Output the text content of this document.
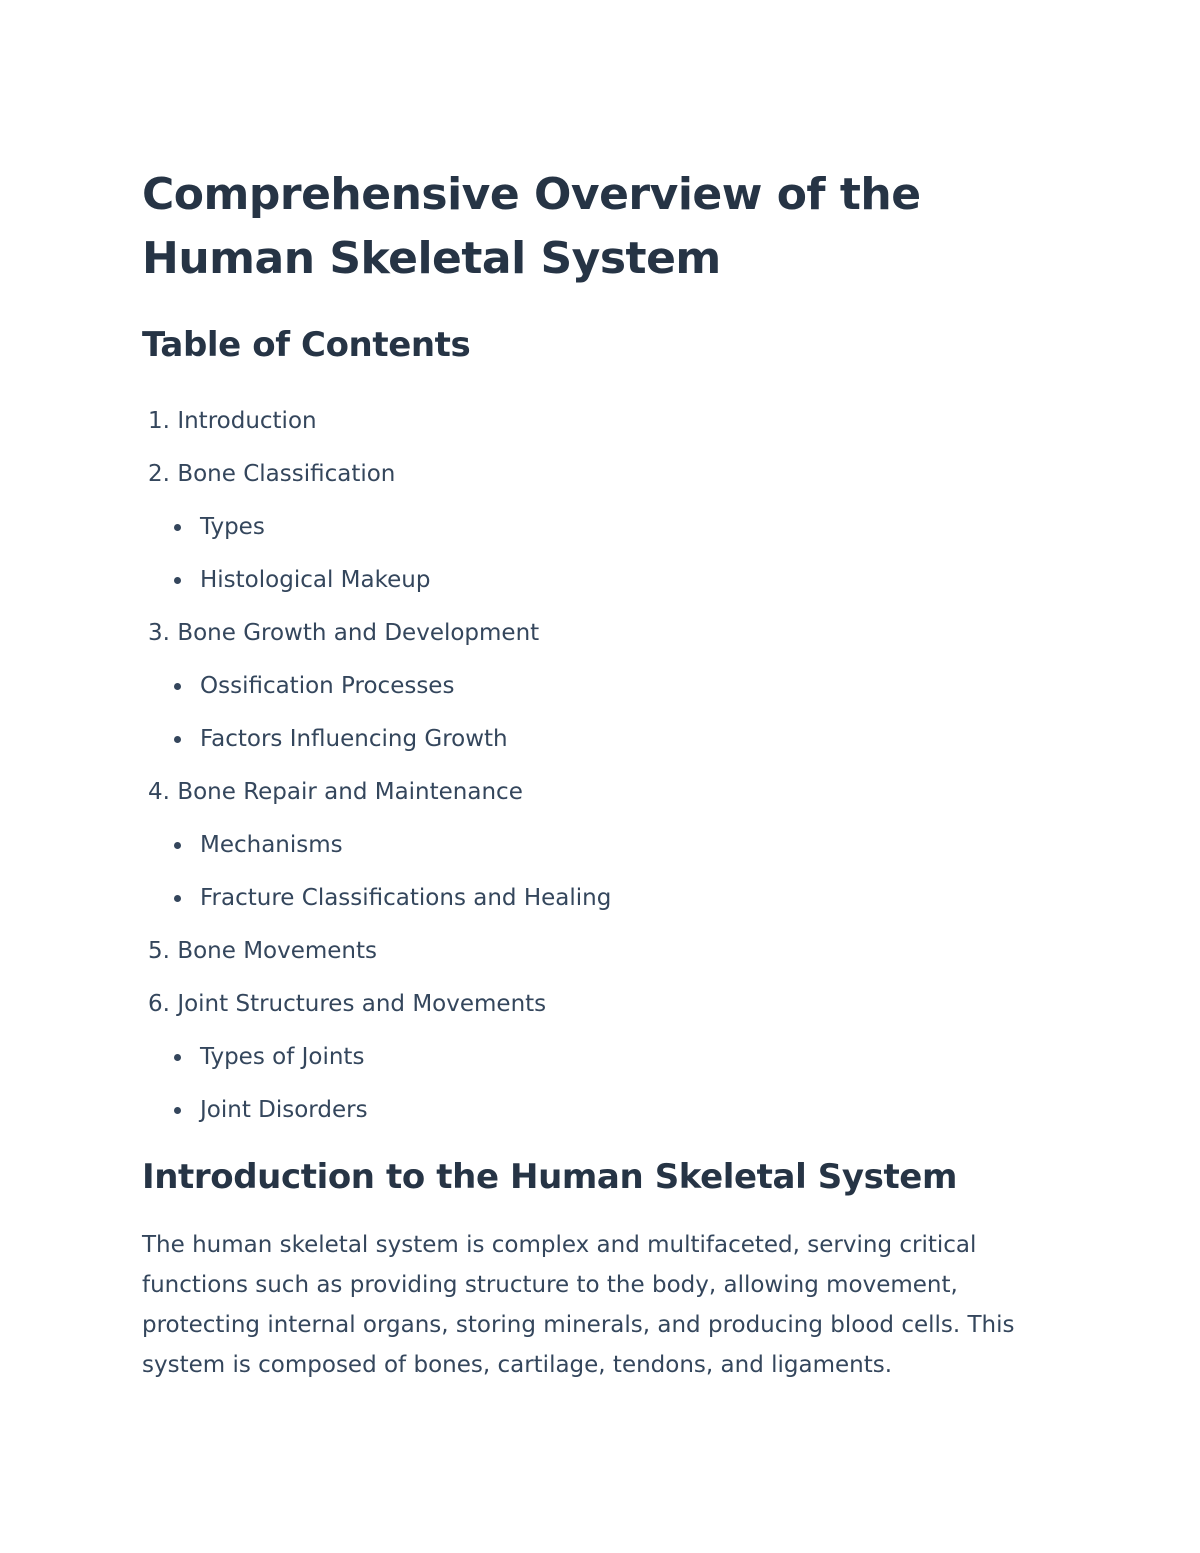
Comprehensive Overview of the Human Skeletal System
Table of Contents
1. Introduction
2. Bone Classification
Types
Histological Makeup
3. Bone Growth and Development
Ossification Processes
Factors Influencing Growth
4. Bone Repair and Maintenance
Mechanisms
Fracture Classifications and Healing
5. Bone Movements
6. Joint Structures and Movements
Types of Joints
Joint Disorders
Introduction to the Human Skeletal System

The human skeletal system is complex and multifaceted, serving critical functions such as providing structure to the body, allowing movement, protecting internal organs, storing minerals, and producing blood cells. This system is composed of bones, cartilage, tendons, and ligaments.
